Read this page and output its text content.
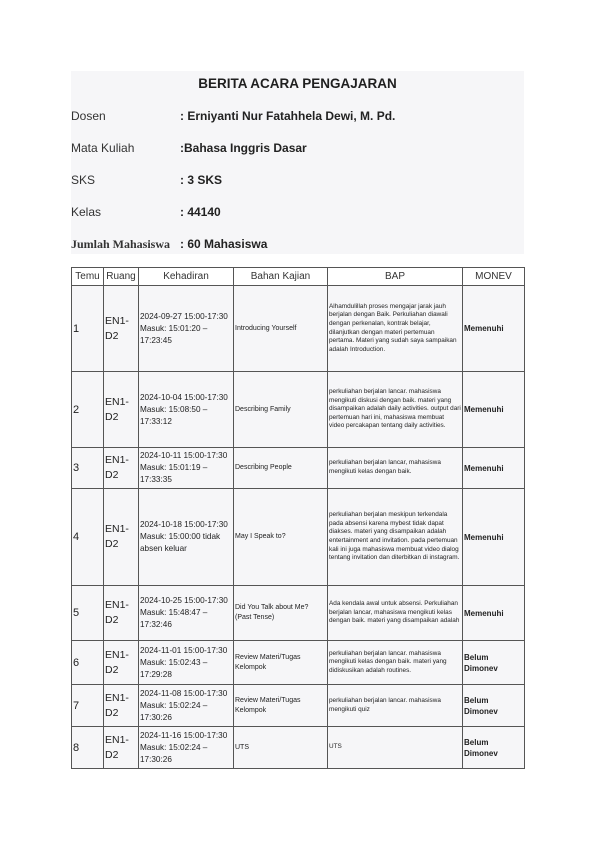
BERITA ACARA PENGAJARAN
Dosen	: Erniyanti Nur Fatahhela Dewi, M. Pd.
Mata Kuliah	:Bahasa Inggris Dasar
SKS	: 3 SKS
Kelas	: 44140
Jumlah Mahasiswa : 60 Mahasiswa
Temu	Ruang	Kehadiran	Bahan Kajian	BAP	MONEV
1	EN1-D2	2024-09-27 15:00-17:30
Masuk: 15:01:20 – 17:23:45	Introducing Yourself	Alhamdulillah proses mengajar jarak jauh berjalan dengan Baik. Perkuliahan diawali dengan perkenalan, kontrak belajar, dilanjutkan dengan materi pertemuan pertama. Materi yang sudah saya sampaikan adalah Introduction.	Memenuhi
2	EN1-D2	2024-10-04 15:00-17:30
Masuk: 15:08:50 – 17:33:12	Describing Family	perkuliahan berjalan lancar. mahasiswa mengikuti diskusi dengan baik. materi yang disampaikan adalah daily activities. output dari pertemuan hari ini, mahasiswa membuat video percakapan tentang daily activities.	Memenuhi
3	EN1-D2	2024-10-11 15:00-17:30
Masuk: 15:01:19 – 17:33:35	Describing People	perkuliahan berjalan lancar, mahasiswa mengikuti kelas dengan baik.	Memenuhi
4	EN1-D2	2024-10-18 15:00-17:30
Masuk: 15:00:00 tidak absen keluar	May I Speak to?	perkuliahan berjalan meskipun terkendala pada absensi karena mybest tidak dapat diakses. materi yang disampaikan adalah entertainment and invitation. pada pertemuan kali ini juga mahasiswa membuat video dialog tentang invitation dan diterbitkan di instagram.	Memenuhi
5	EN1-D2	2024-10-25 15:00-17:30
Masuk: 15:48:47 – 17:32:46	Did You Talk about Me? (Past Tense)	Ada kendala awal untuk absensi. Perkuliahan berjalan lancar, mahasiswa mengikuti kelas dengan baik. materi yang disampaikan adalah	Memenuhi
6	EN1-D2	2024-11-01 15:00-17:30
Masuk: 15:02:43 – 17:29:28	Review Materi/Tugas Kelompok	perkuliahan berjalan lancar. mahasiswa mengikuti kelas dengan baik. materi yang didiskusikan adalah routines.	Belum Dimonev
7	EN1-D2	2024-11-08 15:00-17:30
Masuk: 15:02:24 – 17:30:26	Review Materi/Tugas Kelompok	perkuliahan berjalan lancar. mahasiswa mengikuti quiz	Belum Dimonev
8	EN1-D2	2024-11-16 15:00-17:30
Masuk: 15:02:24 – 17:30:26	UTS	UTS	Belum Dimonev
